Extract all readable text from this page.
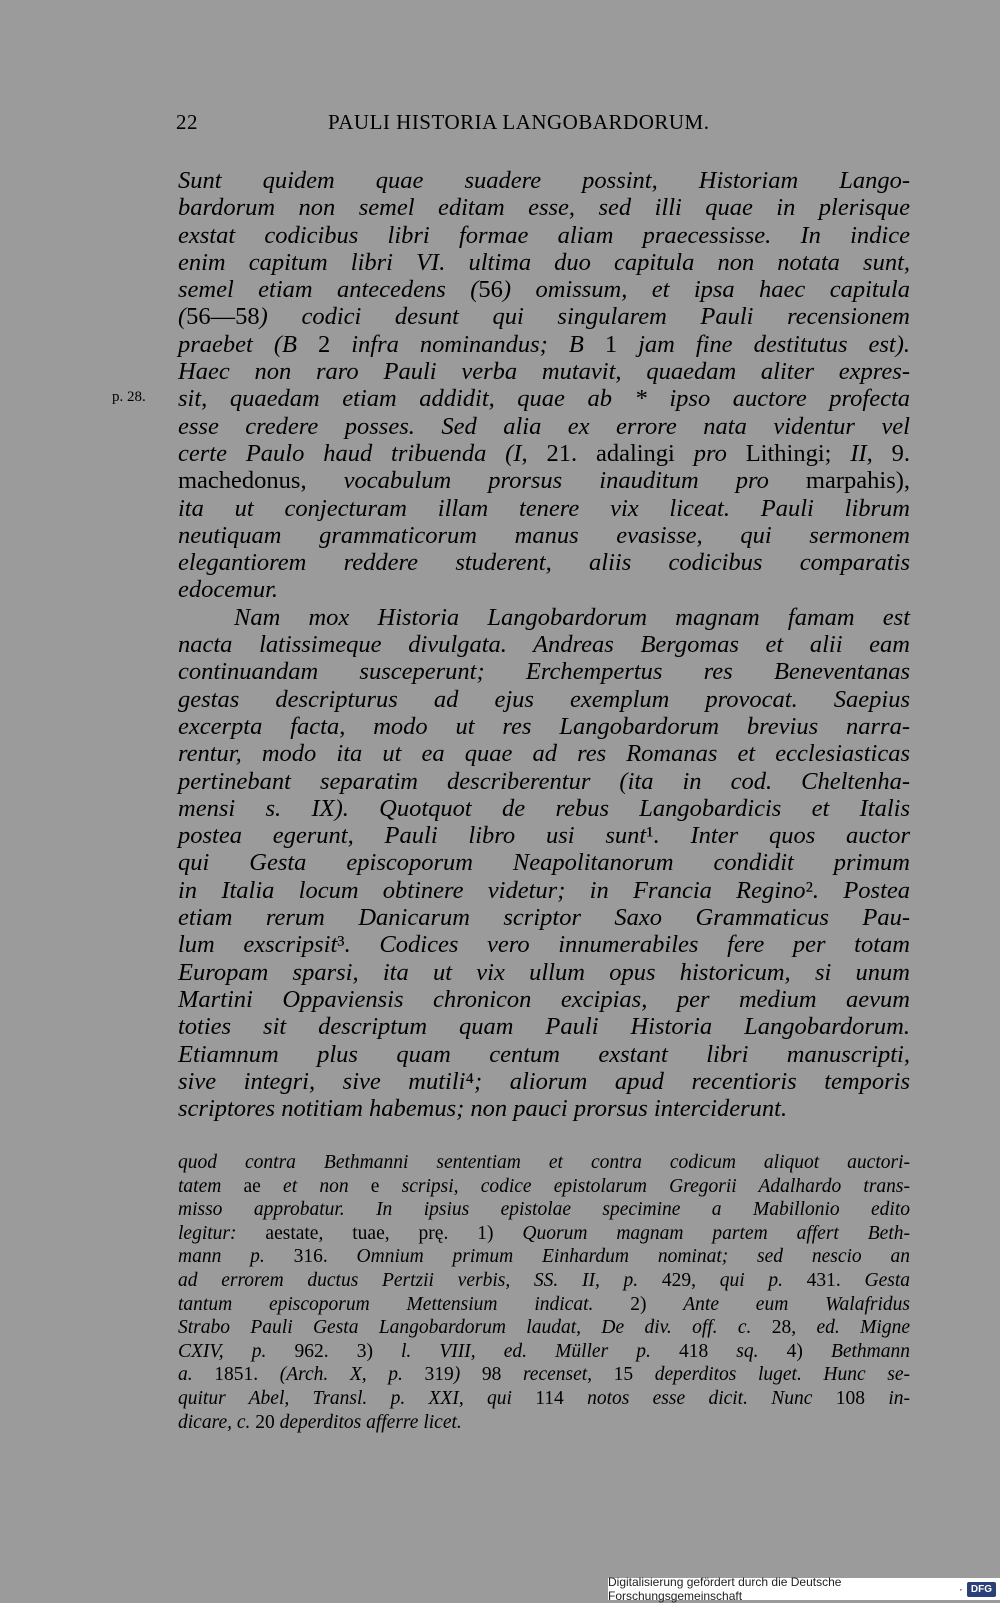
22	PAULI HISTORIA LANGOBARDORUM.
p. 28.
Sunt quidem quae suadere possint, Historiam Lango-
bardorum non semel editam esse, sed illi quae in plerisque
exstat codicibus libri formae aliam praecessisse. In indice
enim capitum libri VI. ultima duo capitula non notata sunt,
semel etiam antecedens (56) omissum, et ipsa haec capitula
(56—58) codici desunt qui singularem Pauli recensionem
praebet (B 2 infra nominandus; B 1 jam fine destitutus est).
Haec non raro Pauli verba mutavit, quaedam aliter expres-
sit, quaedam etiam addidit, quae ab * ipso auctore profecta
esse credere posses. Sed alia ex errore nata videntur vel
certe Paulo haud tribuenda (I, 21. adalingi pro Lithingi; II, 9.
machedonus, vocabulum prorsus inauditum pro marpahis),
ita ut conjecturam illam tenere vix liceat. Pauli librum
neutiquam grammaticorum manus evasisse, qui sermonem
elegantiorem reddere studerent, aliis codicibus comparatis
edocemur.
Nam mox Historia Langobardorum magnam famam est
nacta latissimeque divulgata. Andreas Bergomas et alii eam
continuandam susceperunt; Erchempertus res Beneventanas
gestas descripturus ad ejus exemplum provocat. Saepius
excerpta facta, modo ut res Langobardorum brevius narra-
rentur, modo ita ut ea quae ad res Romanas et ecclesiasticas
pertinebant separatim describerentur (ita in cod. Cheltenha-
mensi s. IX). Quotquot de rebus Langobardicis et Italis
postea egerunt, Pauli libro usi sunt¹. Inter quos auctor
qui Gesta episcoporum Neapolitanorum condidit primum
in Italia locum obtinere videtur; in Francia Regino². Postea
etiam rerum Danicarum scriptor Saxo Grammaticus Pau-
lum exscripsit³. Codices vero innumerabiles fere per totam
Europam sparsi, ita ut vix ullum opus historicum, si unum
Martini Oppaviensis chronicon excipias, per medium aevum
toties sit descriptum quam Pauli Historia Langobardorum.
Etiamnum plus quam centum exstant libri manuscripti,
sive integri, sive mutili⁴; aliorum apud recentioris temporis
scriptores notitiam habemus; non pauci prorsus interciderunt.
quod contra Bethmanni sententiam et contra codicum aliquot auctori-
tatem ae et non e scripsi, codice epistolarum Gregorii Adalhardo trans-
misso approbatur. In ipsius epistolae specimine a Mabillonio edito
legitur: aestate, tuae, prę. 1) Quorum magnam partem affert Beth-
mann p. 316. Omnium primum Einhardum nominat; sed nescio an
ad errorem ductus Pertzii verbis, SS. II, p. 429, qui p. 431. Gesta
tantum episcoporum Mettensium indicat. 2) Ante eum Walafridus
Strabo Pauli Gesta Langobardorum laudat, De div. off. c. 28, ed. Migne
CXIV, p. 962. 3) l. VIII, ed. Müller p. 418 sq. 4) Bethmann
a. 1851. (Arch. X, p. 319) 98 recenset, 15 deperditos luget. Hunc se-
quitur Abel, Transl. p. XXI, qui 114 notos esse dicit. Nunc 108 in-
dicare, c. 20 deperditos afferre licet.
Digitalisierung gefördert durch die Deutsche Forschungsgemeinschaft	· DFG
